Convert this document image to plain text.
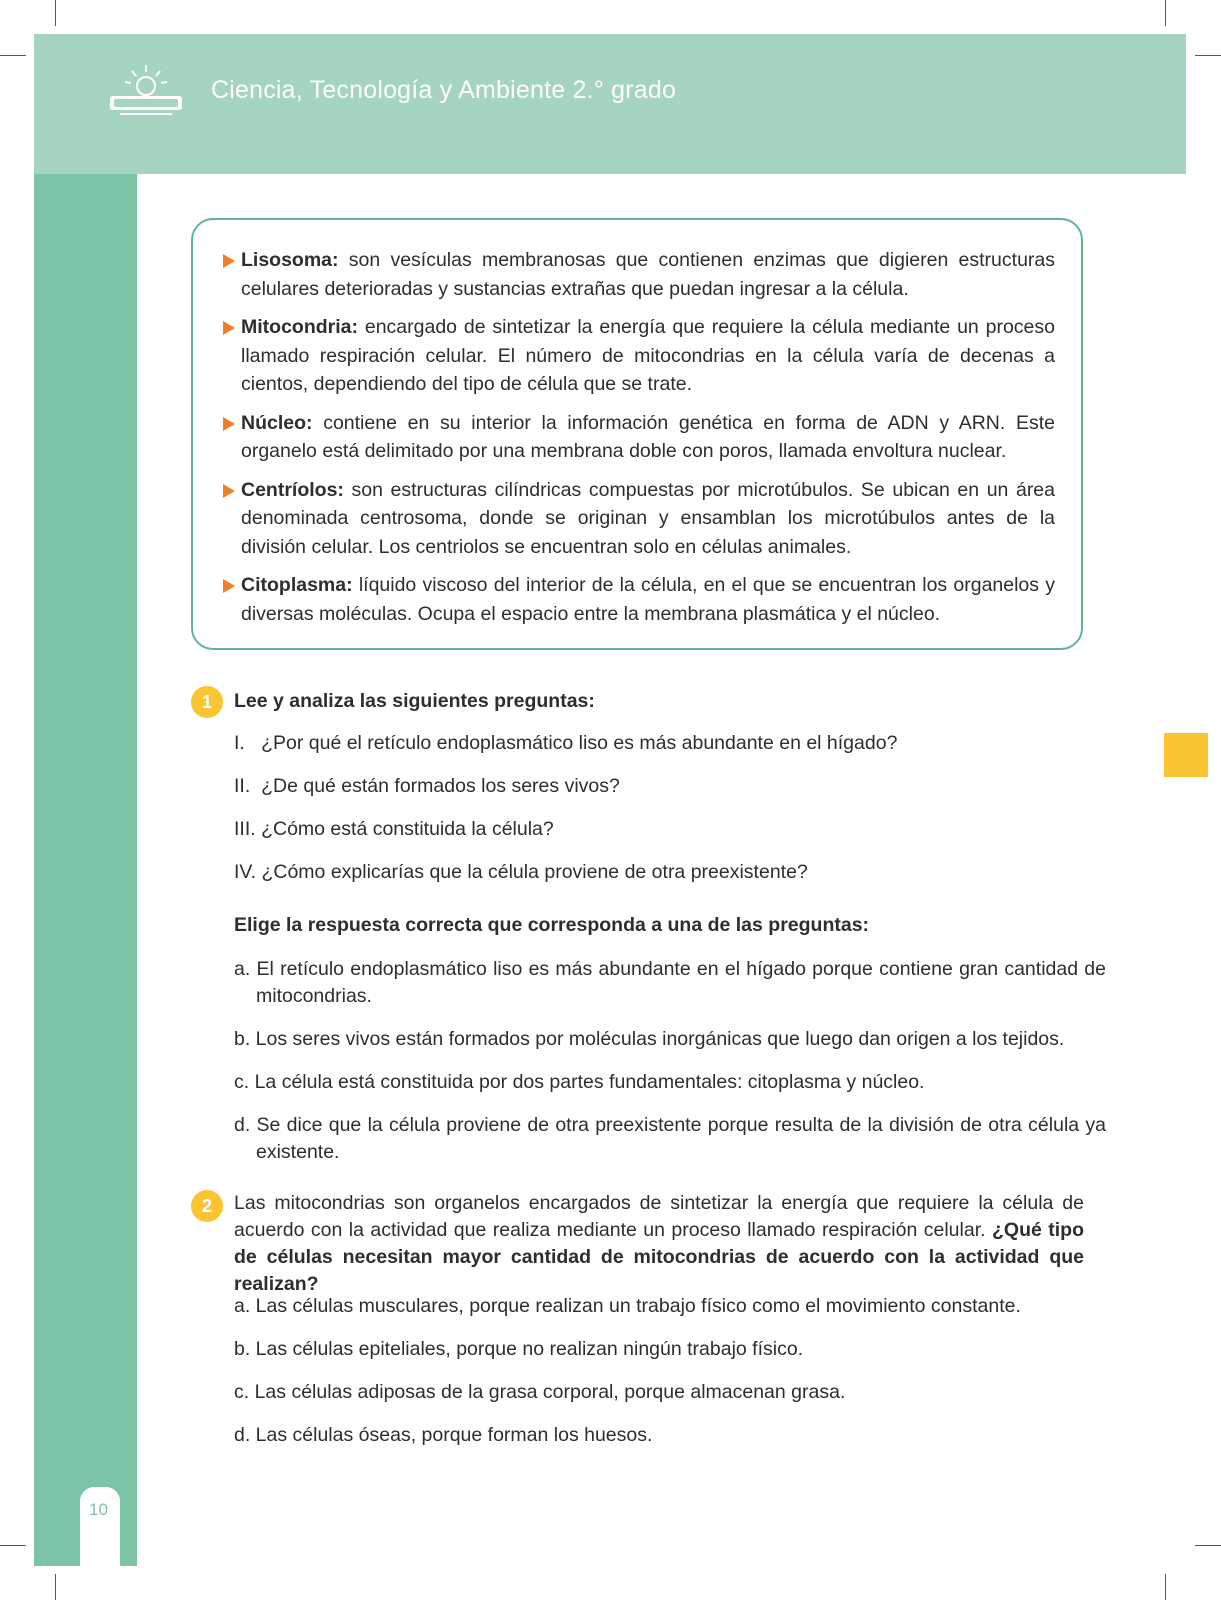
Ciencia, Tecnología y Ambiente 2.° grado
10
Lisosoma: son vesículas membranosas que contienen enzimas que digieren estructuras celulares deterioradas y sustancias extrañas que puedan ingresar a la célula.
Mitocondria: encargado de sintetizar la energía que requiere la célula mediante un proceso llamado respiración celular. El número de mitocondrias en la célula varía de decenas a cientos, dependiendo del tipo de célula que se trate.
Núcleo: contiene en su interior la información genética en forma de ADN y ARN. Este organelo está delimitado por una membrana doble con poros, llamada envoltura nuclear.
Centríolos: son estructuras cilíndricas compuestas por microtúbulos. Se ubican en un área denominada centrosoma, donde se originan y ensamblan los microtúbulos antes de la división celular. Los centriolos se encuentran solo en células animales.
Citoplasma: líquido viscoso del interior de la célula, en el que se encuentran los organelos y diversas moléculas. Ocupa el espacio entre la membrana plasmática y el núcleo.
1	Lee y analiza las siguientes preguntas:
I.   ¿Por qué el retículo endoplasmático liso es más abundante en el hígado?
II.  ¿De qué están formados los seres vivos?
III. ¿Cómo está constituida la célula?
IV. ¿Cómo explicarías que la célula proviene de otra preexistente?
Elige la respuesta correcta que corresponda a una de las preguntas:
a. El retículo endoplasmático liso es más abundante en el hígado porque contiene gran cantidad de mitocondrias.
b. Los seres vivos están formados por moléculas inorgánicas que luego dan origen a los tejidos.
c. La célula está constituida por dos partes fundamentales: citoplasma y núcleo.
d. Se dice que la célula proviene de otra preexistente porque resulta de la división de otra célula ya existente.
2	Las mitocondrias son organelos encargados de sintetizar la energía que requiere la célula de acuerdo con la actividad que realiza mediante un proceso llamado respiración celular. ¿Qué tipo de células necesitan mayor cantidad de mitocondrias de acuerdo con la actividad que realizan?
a. Las células musculares, porque realizan un trabajo físico como el movimiento constante.
b. Las células epiteliales, porque no realizan ningún trabajo físico.
c. Las células adiposas de la grasa corporal, porque almacenan grasa.
d. Las células óseas, porque forman los huesos.
